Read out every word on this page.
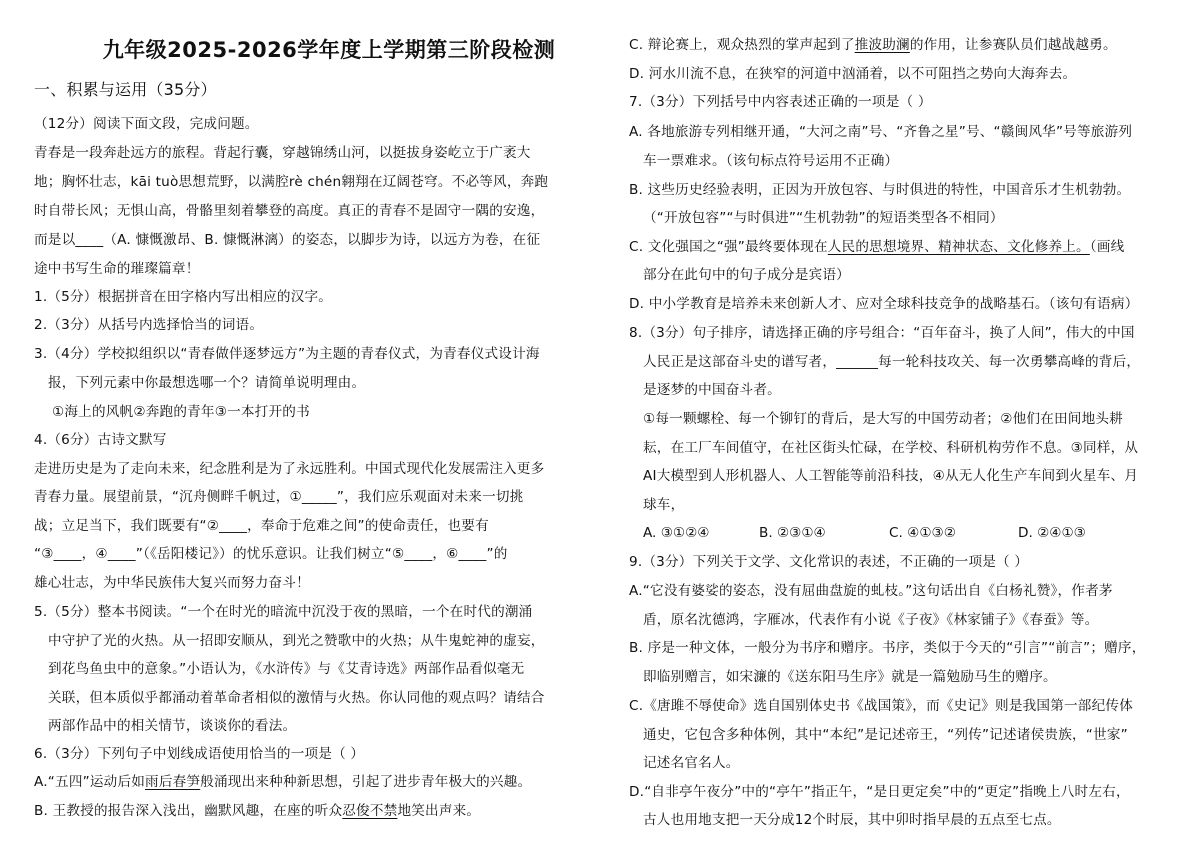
九年级2025-2026学年度上学期第三阶段检测
一、积累与运用（35分）
（12分）阅读下面文段，完成问题。
青春是一段奔赴远方的旅程。背起行囊，穿越锦绣山河，以挺拔身姿屹立于广袤大
地；胸怀壮志，kāi tuò思想荒野，以满腔rè chén翱翔在辽阔苍穹。不必等风，奔跑
时自带长风；无惧山高，骨骼里刻着攀登的高度。真正的青春不是固守一隅的安逸，
而是以____（A. 慷慨激昂、B. 慷慨淋漓）的姿态，以脚步为诗，以远方为卷，在征
途中书写生命的璀璨篇章！
1.（5分）根据拼音在田字格内写出相应的汉字。
2.（3分）从括号内选择恰当的词语。
3.（4分）学校拟组织以“青春做伴逐梦远方”为主题的青春仪式，为青春仪式设计海
报，下列元素中你最想选哪一个？请简单说明理由。
①海上的风帆②奔跑的青年③一本打开的书
4.（6分）古诗文默写
走进历史是为了走向未来，纪念胜利是为了永远胜利。中国式现代化发展需注入更多
青春力量。展望前景，“沉舟侧畔千帆过，①_____”，我们应乐观面对未来一切挑
战；立足当下，我们既要有“②____，奉命于危难之间”的使命责任，也要有
“③____，④____”（《岳阳楼记》）的忧乐意识。让我们树立“⑤____，⑥____”的
雄心壮志，为中华民族伟大复兴而努力奋斗！
5.（5分）整本书阅读。“一个在时光的暗流中沉没于夜的黑暗，一个在时代的潮涌
中守护了光的火热。从一招即安顺从，到光之赞歌中的火热；从牛鬼蛇神的虚妄，
到花鸟鱼虫中的意象。”小语认为，《水浒传》与《艾青诗选》两部作品看似毫无
关联，但本质似乎都涌动着革命者相似的激情与火热。你认同他的观点吗？请结合
两部作品中的相关情节，谈谈你的看法。
6.（3分）下列句子中划线成语使用恰当的一项是（ ）
A.“五四”运动后如雨后春笋般涌现出来种种新思想，引起了进步青年极大的兴趣。
B. 王教授的报告深入浅出，幽默风趣，在座的听众忍俊不禁地笑出声来。
C. 辩论赛上，观众热烈的掌声起到了推波助澜的作用，让参赛队员们越战越勇。
D. 河水川流不息，在狭窄的河道中汹涌着，以不可阻挡之势向大海奔去。
7.（3分）下列括号中内容表述正确的一项是（ ）
A. 各地旅游专列相继开通，“大河之南”号、“齐鲁之星”号、“赣闽风华”号等旅游列
车一票难求。（该句标点符号运用不正确）
B. 这些历史经验表明，正因为开放包容、与时俱进的特性，中国音乐才生机勃勃。
（“开放包容”“与时俱进”“生机勃勃”的短语类型各不相同）
C. 文化强国之“强”最终要体现在人民的思想境界、精神状态、文化修养上。（画线
部分在此句中的句子成分是宾语）
D. 中小学教育是培养未来创新人才、应对全球科技竞争的战略基石。（该句有语病）
8.（3分）句子排序，请选择正确的序号组合：“百年奋斗，换了人间”，伟大的中国
人民正是这部奋斗史的谱写者，______每一轮科技攻关、每一次勇攀高峰的背后，
是逐梦的中国奋斗者。
①每一颗螺栓、每一个铆钉的背后，是大写的中国劳动者；②他们在田间地头耕
耘，在工厂车间值守，在社区街头忙碌，在学校、科研机构劳作不息。③同样，从
AI大模型到人形机器人、人工智能等前沿科技，④从无人化生产车间到火星车、月
球车，
A. ③①②④	B. ②③①④	C. ④①③②	D. ②④①③
9.（3分）下列关于文学、文化常识的表述，不正确的一项是（ ）
A.“它没有婆娑的姿态，没有屈曲盘旋的虬枝。”这句话出自《白杨礼赞》，作者茅
盾，原名沈德鸿，字雁冰，代表作有小说《子夜》《林家铺子》《春蚕》等。
B. 序是一种文体，一般分为书序和赠序。书序，类似于今天的“引言”“前言”；赠序，
即临别赠言，如宋濂的《送东阳马生序》就是一篇勉励马生的赠序。
C.《唐雎不辱使命》选自国别体史书《战国策》，而《史记》则是我国第一部纪传体
通史，它包含多种体例，其中“本纪”是记述帝王，“列传”记述诸侯贵族，“世家”
记述名官名人。
D.“自非亭午夜分”中的“亭午”指正午，“是日更定矣”中的“更定”指晚上八时左右，
古人也用地支把一天分成12个时辰，其中卯时指早晨的五点至七点。
